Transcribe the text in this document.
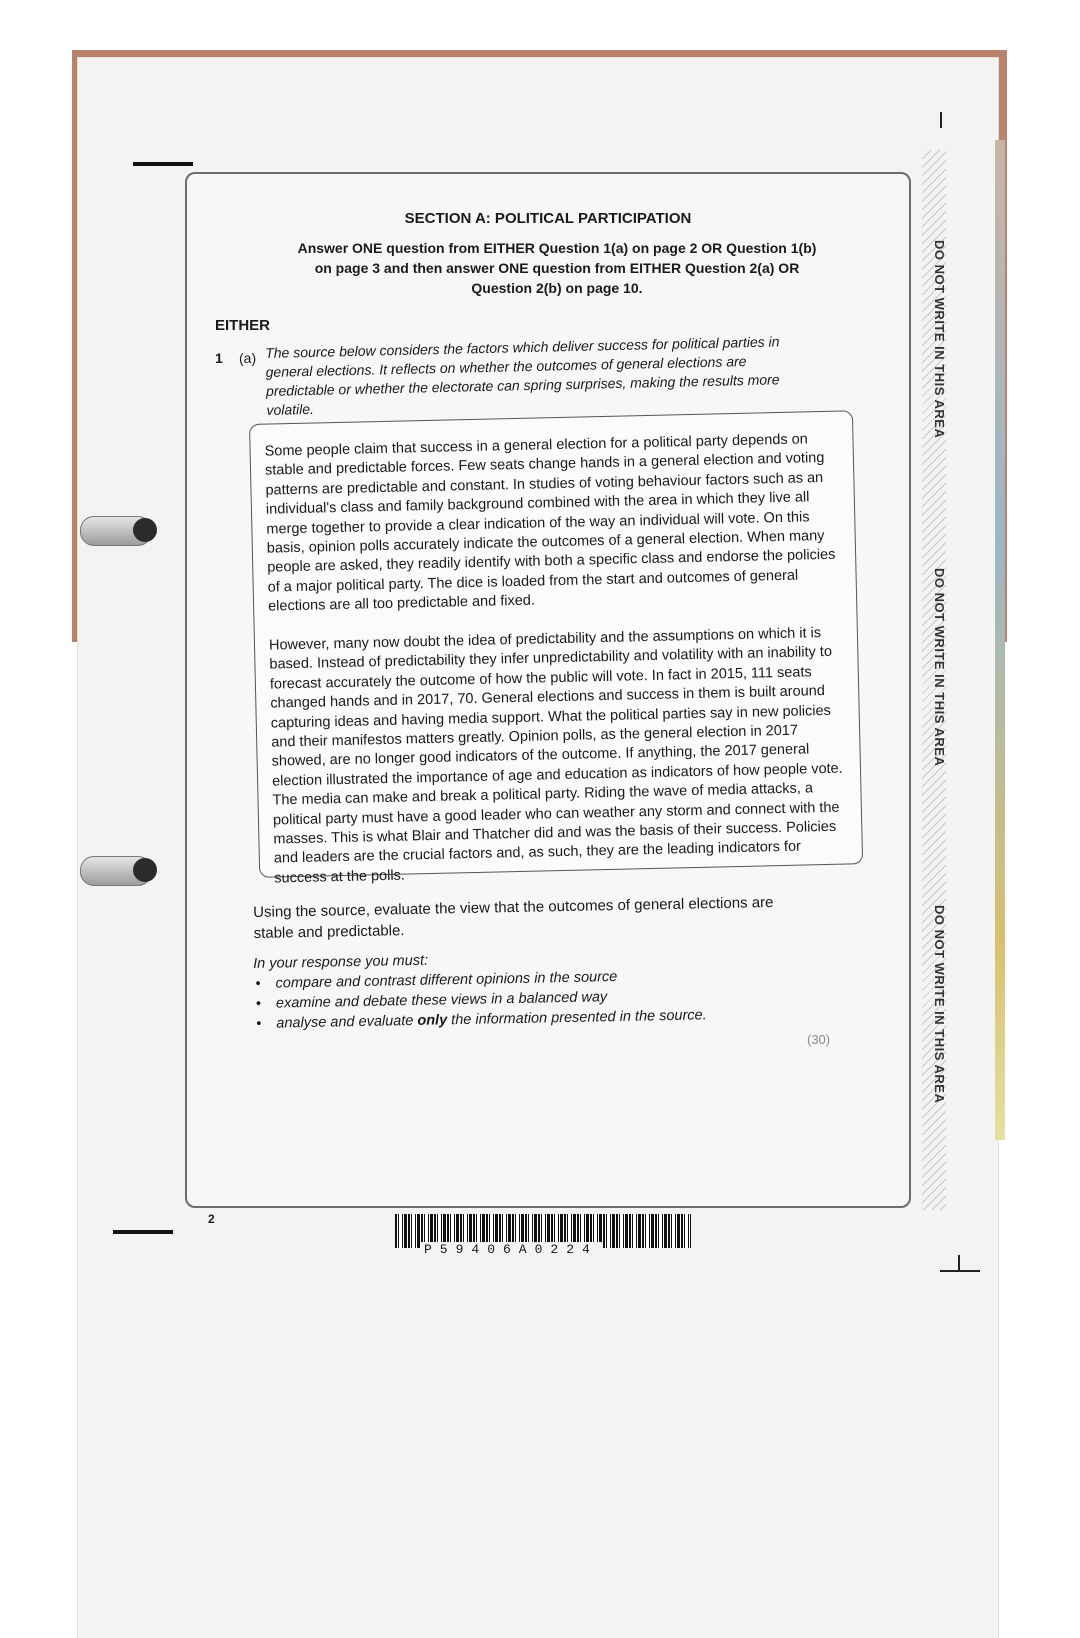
SECTION A: POLITICAL PARTICIPATION
Answer ONE question from EITHER Question 1(a) on page 2 OR Question 1(b) on page 3 and then answer ONE question from EITHER Question 2(a) OR Question 2(b) on page 10.
EITHER
1 (a) The source below considers the factors which deliver success for political parties in general elections. It reflects on whether the outcomes of general elections are predictable or whether the electorate can spring surprises, making the results more volatile.

Some people claim that success in a general election for a political party depends on stable and predictable forces. Few seats change hands in a general election and voting patterns are predictable and constant. In studies of voting behaviour factors such as an individual's class and family background combined with the area in which they live all merge together to provide a clear indication of the way an individual will vote. On this basis, opinion polls accurately indicate the outcomes of a general election. When many people are asked, they readily identify with both a specific class and endorse the policies of a major political party. The dice is loaded from the start and outcomes of general elections are all too predictable and fixed.

However, many now doubt the idea of predictability and the assumptions on which it is based. Instead of predictability they infer unpredictability and volatility with an inability to forecast accurately the outcome of how the public will vote. In fact in 2015, 111 seats changed hands and in 2017, 70. General elections and success in them is built around capturing ideas and having media support. What the political parties say in new policies and their manifestos matters greatly. Opinion polls, as the general election in 2017 showed, are no longer good indicators of the outcome. If anything, the 2017 general election illustrated the importance of age and education as indicators of how people vote. The media can make and break a political party. Riding the wave of media attacks, a political party must have a good leader who can weather any storm and connect with the masses. This is what Blair and Thatcher did and was the basis of their success. Policies and leaders are the crucial factors and, as such, they are the leading indicators for success at the polls.

Using the source, evaluate the view that the outcomes of general elections are stable and predictable.
In your response you must:
• compare and contrast different opinions in the source
• examine and debate these views in a balanced way
• analyse and evaluate only the information presented in the source.
(30)
2
P59406A0224
DO NOT WRITE IN THIS AREA
DO NOT WRITE IN THIS AREA
DO NOT WRITE IN THIS AREA
